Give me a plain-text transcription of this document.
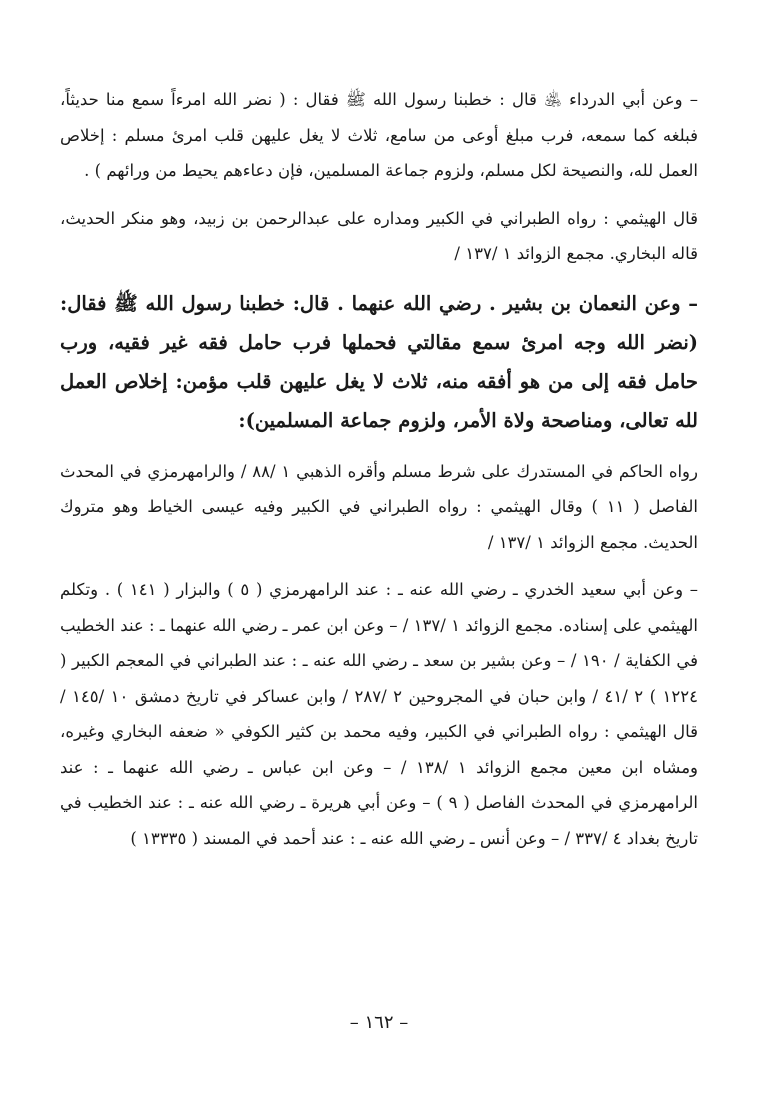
– وعن أبي الدرداء ﵁ قال : خطبنا رسول الله ﷺ فقال : ( نضر الله امرءاً سمع منا حديثاً، فبلغه كما سمعه، فرب مبلغ أوعى من سامع، ثلاث لا يغل عليهن قلب امرئ مسلم : إخلاص العمل لله، والنصيحة لكل مسلم، ولزوم جماعة المسلمين، فإن دعاءهم يحيط من ورائهم ) .

قال الهيثمي : رواه الطبراني في الكبير ومداره على عبدالرحمن بن زبيد، وهو منكر الحديث، قاله البخاري. مجمع الزوائد ١ /١٣٧ /

– وعن النعمان بن بشير . رضي الله عنهما . قال: خطبنا رسول الله ﷺ فقال: (نضر الله وجه امرئ سمع مقالتي فحملها فرب حامل فقه غير فقيه، ورب حامل فقه إلى من هو أفقه منه، ثلاث لا يغل عليهن قلب مؤمن: إخلاص العمل لله تعالى، ومناصحة ولاة الأمر، ولزوم جماعة المسلمين):

رواه الحاكم في المستدرك على شرط مسلم وأقره الذهبي ١ /٨٨ / والرامهرمزي في المحدث الفاصل ( ١١ ) وقال الهيثمي : رواه الطبراني في الكبير وفيه عيسى الخياط وهو متروك الحديث. مجمع الزوائد ١ /١٣٧ /

– وعن أبي سعيد الخدري ـ رضي الله عنه ـ : عند الرامهرمزي ( ٥ ) والبزار ( ١٤١ ) . وتكلم الهيثمي على إسناده. مجمع الزوائد ١ /١٣٧ / – وعن ابن عمر ـ رضي الله عنهما ـ : عند الخطيب في الكفاية / ١٩٠ / – وعن بشير بن سعد ـ رضي الله عنه ـ : عند الطبراني في المعجم الكبير ( ١٢٢٤ ) ٢ /٤١ / وابن حبان في المجروحين ٢ /٢٨٧ / وابن عساكر في تاريخ دمشق ١٠ /١٤٥ / قال الهيثمي : رواه الطبراني في الكبير، وفيه محمد بن كثير الكوفي « ضعفه البخاري وغيره، ومشاه ابن معين مجمع الزوائد ١ /١٣٨ / – وعن ابن عباس ـ رضي الله عنهما ـ : عند الرامهرمزي في المحدث الفاصل ( ٩ ) – وعن أبي هريرة ـ رضي الله عنه ـ : عند الخطيب في تاريخ بغداد ٤ /٣٣٧ / – وعن أنس ـ رضي الله عنه ـ : عند أحمد في المسند ( ١٣٣٣٥ )

– ١٦٢ –
